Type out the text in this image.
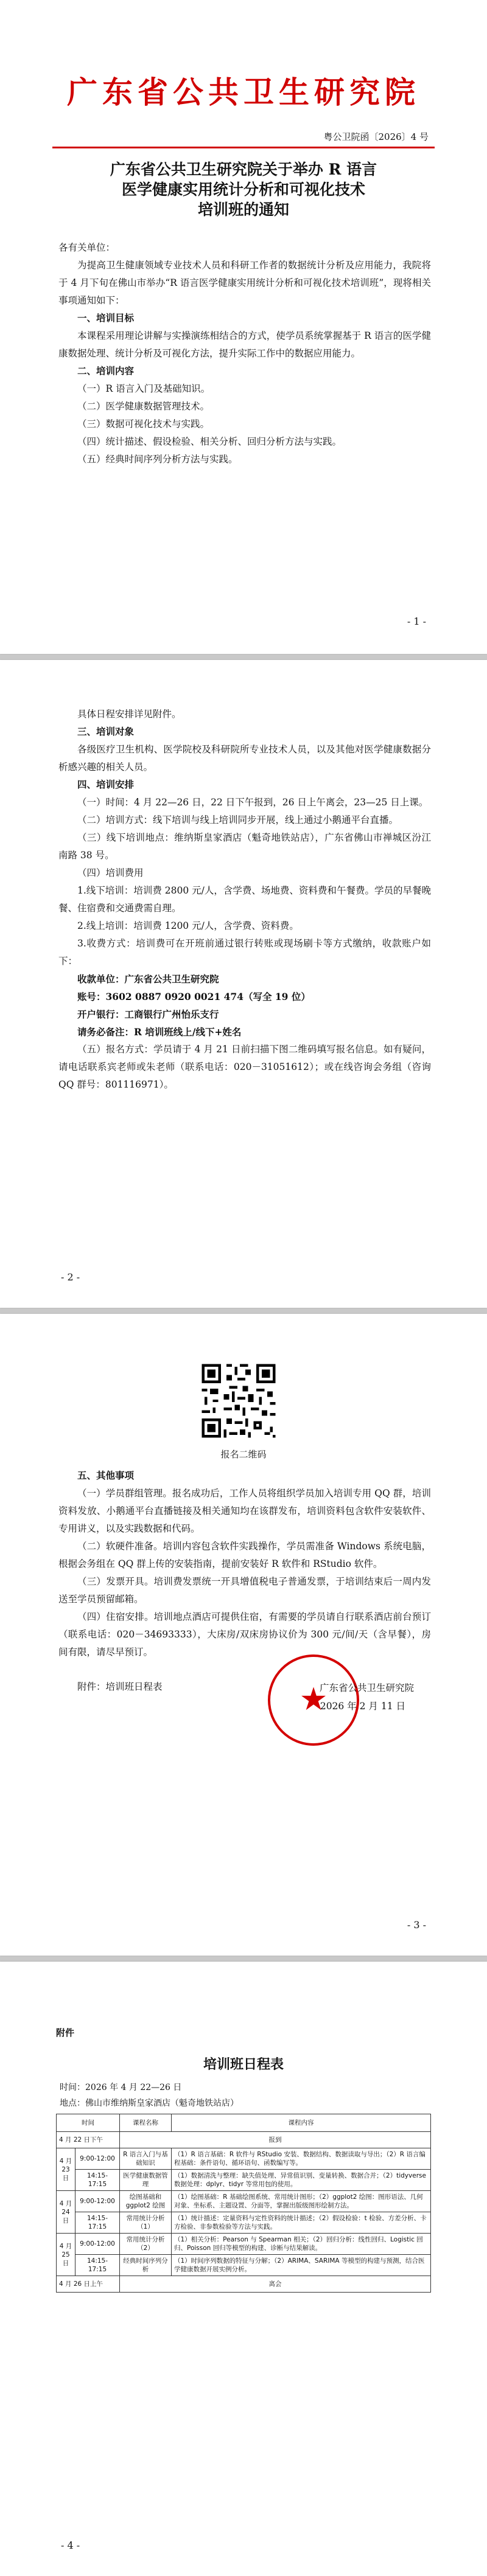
广东省公共卫生研究院
粤公卫院函〔2026〕4 号
广东省公共卫生研究院关于举办 R 语言
医学健康实用统计分析和可视化技术
培训班的通知

各有关单位：

为提高卫生健康领域专业技术人员和科研工作者的数据统计分析及应用能力，我院将于 4 月下旬在佛山市举办“R 语言医学健康实用统计分析和可视化技术培训班”，现将相关事项通知如下：

一、培训目标

本课程采用理论讲解与实操演练相结合的方式，使学员系统掌握基于 R 语言的医学健康数据处理、统计分析及可视化方法，提升实际工作中的数据应用能力。

二、培训内容

（一）R 语言入门及基础知识。

（二）医学健康数据管理技术。

（三）数据可视化技术与实践。

（四）统计描述、假设检验、相关分析、回归分析方法与实践。

（五）经典时间序列分析方法与实践。

- 1 -

具体日程安排详见附件。

三、培训对象

各级医疗卫生机构、医学院校及科研院所专业技术人员，以及其他对医学健康数据分析感兴趣的相关人员。

四、培训安排

（一）时间：4 月 22—26 日，22 日下午报到，26 日上午离会，23—25 日上课。

（二）培训方式：线下培训与线上培训同步开展，线上通过小鹅通平台直播。

（三）线下培训地点：维纳斯皇家酒店（魁奇地铁站店），广东省佛山市禅城区汾江南路 38 号。

（四）培训费用

1.线下培训：培训费 2800 元/人，含学费、场地费、资料费和午餐费。学员的早餐晚餐、住宿费和交通费需自理。

2.线上培训：培训费 1200 元/人，含学费、资料费。

3.收费方式：培训费可在开班前通过银行转账或现场刷卡等方式缴纳，收款账户如下：

收款单位：广东省公共卫生研究院

账号：3602 0887 0920 0021 474（写全 19 位）

开户银行：工商银行广州怡乐支行

请务必备注：R 培训班线上/线下+姓名

（五）报名方式：学员请于 4 月 21 日前扫描下图二维码填写报名信息。如有疑问，请电话联系宾老师或朱老师（联系电话：020－31051612）；或在线咨询会务组（咨询 QQ 群号：801116971）。

- 2 -
报名二维码

五、其他事项

（一）学员群组管理。报名成功后，工作人员将组织学员加入培训专用 QQ 群，培训资料发放、小鹅通平台直播链接及相关通知均在该群发布，培训资料包含软件安装软件、专用讲义，以及实践数据和代码。

（二）软硬件准备。培训内容包含软件实践操作，学员需准备 Windows 系统电脑，根据会务组在 QQ 群上传的安装指南，提前安装好 R 软件和 RStudio 软件。

（三）发票开具。培训费发票统一开具增值税电子普通发票，于培训结束后一周内发送至学员预留邮箱。

（四）住宿安排。培训地点酒店可提供住宿，有需要的学员请自行联系酒店前台预订（联系电话：020－34693333），大床房/双床房协议价为 300 元/间/天（含早餐），房间有限，请尽早预订。

附件：培训班日程表	★
广东省公共卫生研究院
2026 年 2 月 11 日
- 3 -
附件
培训班日程表
时间：2026 年 4 月 22—26 日
地点：佛山市维纳斯皇家酒店（魁奇地铁站店）
时间		课程名称	课程内容
4 月 22 日下午		报到	
4 月 23 日	9:00-12:00	R 语言入门与基础知识	（1）R 语言基础：R 软件与 RStudio 安装、数据结构、数据读取与导出；（2）R 语言编程基础：条件语句、循环语句、函数编写等。
	14:15-17:15	医学健康数据管理	（1）数据清洗与整理：缺失值处理、异常值识别、变量转换、数据合并；（2）tidyverse 数据处理：dplyr、tidyr 等常用包的使用。
4 月 24 日	9:00-12:00	绘图基础和 ggplot2 绘图	（1）绘图基础：R 基础绘图系统、常用统计图形；（2）ggplot2 绘图：图形语法、几何对象、坐标系、主题设置、分面等，掌握出版级图形绘制方法。
	14:15-17:15	常用统计分析（1）	（1）统计描述：定量资料与定性资料的统计描述；（2）假设检验：t 检验、方差分析、卡方检验、非参数检验等方法与实践。
4 月 25 日	9:00-12:00	常用统计分析（2）	（1）相关分析：Pearson 与 Spearman 相关；（2）回归分析：线性回归、Logistic 回归、Poisson 回归等模型的构建、诊断与结果解读。
	14:15-17:15	经典时间序列分析	（1）时间序列数据的特征与分解；（2）ARIMA、SARIMA 等模型的构建与预测，结合医学健康数据开展实例分析。
4 月 26 日上午		离会	
- 4 -
